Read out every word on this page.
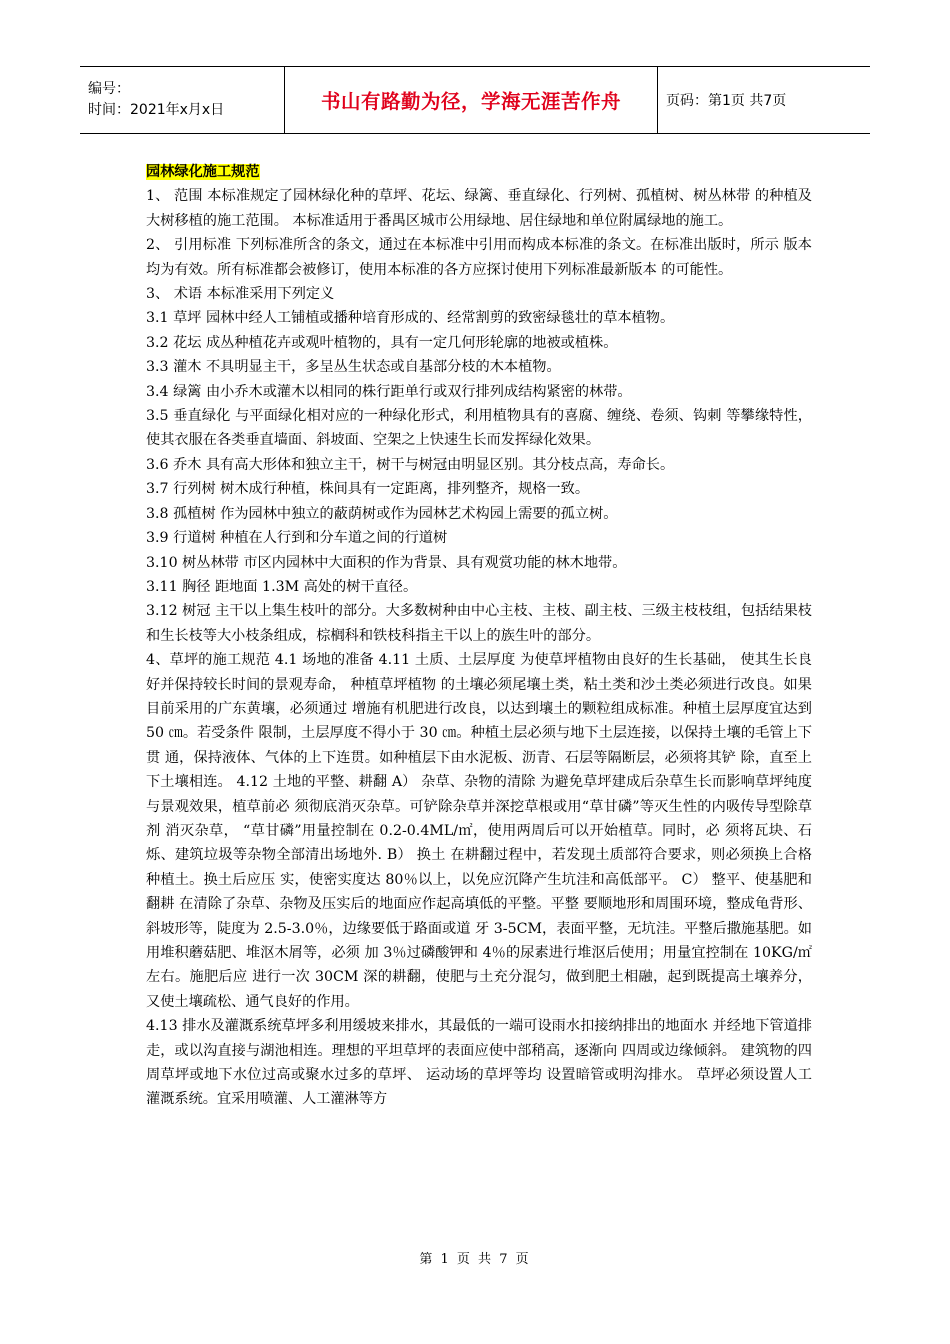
编号：
时间：2021年x月x日	书山有路勤为径，学海无涯苦作舟	页码：第1页 共7页

园林绿化施工规范

1、 范围 本标准规定了园林绿化种的草坪、花坛、绿篱、垂直绿化、行列树、孤植树、树丛林带 的种植及大树移植的施工范围。 本标准适用于番禺区城市公用绿地、居住绿地和单位附属绿地的施工。

2、 引用标准 下列标准所含的条文，通过在本标准中引用而构成本标准的条文。在标准出版时，所示 版本均为有效。所有标准都会被修订，使用本标准的各方应探讨使用下列标准最新版本 的可能性。

3、 术语 本标准采用下列定义

3.1 草坪 园林中经人工铺植或播种培育形成的、经常割剪的致密绿毯壮的草本植物。

3.2 花坛 成丛种植花卉或观叶植物的，具有一定几何形轮廓的地被或植株。

3.3 灌木 不具明显主干，多呈丛生状态或自基部分枝的木本植物。

3.4 绿篱 由小乔木或灌木以相同的株行距单行或双行排列成结构紧密的林带。

3.5 垂直绿化 与平面绿化相对应的一种绿化形式，利用植物具有的喜腐、缠绕、卷须、钩刺 等攀缘特性，使其衣服在各类垂直墙面、斜坡面、空架之上快速生长而发挥绿化效果。

3.6 乔木 具有高大形体和独立主干，树干与树冠由明显区别。其分枝点高，寿命长。

3.7 行列树 树木成行种植，株间具有一定距离，排列整齐，规格一致。

3.8 孤植树 作为园林中独立的蔽荫树或作为园林艺术构园上需要的孤立树。

3.9 行道树 种植在人行到和分车道之间的行道树

3.10 树丛林带 市区内园林中大面积的作为背景、具有观赏功能的林木地带。

3.11 胸径 距地面 1.3M 高处的树干直径。

3.12 树冠 主干以上集生枝叶的部分。大多数树种由中心主枝、主枝、副主枝、三级主枝枝组，包括结果枝和生长枝等大小枝条组成，棕榈科和铁枝科指主干以上的族生叶的部分。

4、草坪的施工规范 4.1 场地的准备 4.11 土质、土层厚度 为使草坪植物由良好的生长基础， 使其生长良好并保持较长时间的景观寿命， 种植草坪植物 的土壤必须尾壤土类，粘土类和沙土类必须进行改良。如果目前采用的广东黄壤，必须通过 增施有机肥进行改良，以达到壤土的颗粒组成标准。种植土层厚度宜达到 50 ㎝。若受条件 限制，土层厚度不得小于 30 ㎝。种植土层必须与地下土层连接，以保持土壤的毛管上下贯 通，保持液体、气体的上下连贯。如种植层下由水泥板、沥青、石层等隔断层，必须将其铲 除，直至上下土壤相连。 4.12 土地的平整、耕翻 A） 杂草、杂物的清除 为避免草坪建成后杂草生长而影响草坪纯度与景观效果，植草前必 须彻底消灭杂草。可铲除杂草并深挖草根或用“草甘磷”等灭生性的内吸传导型除草剂 消灭杂草， “草甘磷”用量控制在 0.2-0.4ML/㎡，使用两周后可以开始植草。同时，必 须将瓦块、石烁、建筑垃圾等杂物全部清出场地外. B） 换土 在耕翻过程中，若发现土质部符合要求，则必须换上合格种植土。换土后应压 实，使密实度达 80％以上，以免应沉降产生坑洼和高低部平。 C） 整平、使基肥和翻耕 在清除了杂草、杂物及压实后的地面应作起高填低的平整。平整 要顺地形和周围环境，整成龟背形、斜坡形等，陡度为 2.5-3.0％，边缘要低于路面或道 牙 3-5CM，表面平整，无坑洼。平整后撒施基肥。如用堆积蘑菇肥、堆沤木屑等，必须 加 3％过磷酸钾和 4％的尿素进行堆沤后使用；用量宜控制在 10KG/㎡左右。施肥后应 进行一次 30CM 深的耕翻，使肥与土充分混匀，做到肥土相融，起到既提高土壤养分， 又使土壤疏松、通气良好的作用。

4.13 排水及灌溉系统草坪多利用缓坡来排水，其最低的一端可设雨水扣接纳排出的地面水 并经地下管道排走，或以沟直接与湖池相连。理想的平坦草坪的表面应使中部稍高，逐渐向 四周或边缘倾斜。 建筑物的四周草坪或地下水位过高或聚水过多的草坪、 运动场的草坪等均 设置暗管或明沟排水。 草坪必须设置人工灌溉系统。宜采用喷灌、人工灌淋等方

第 1 页 共 7 页
